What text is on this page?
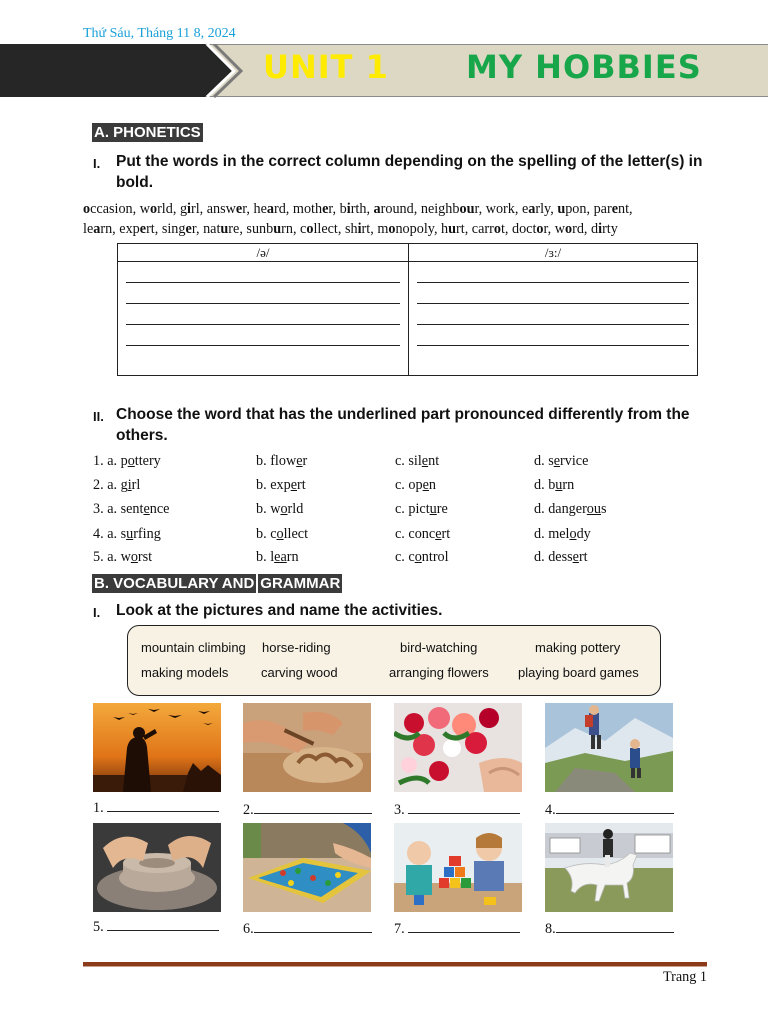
Thứ Sáu, Tháng 11 8, 2024
UNIT 1 MY HOBBIES
A. PHONETICS
I. Put the words in the correct column depending on the spelling of the letter(s) in bold.
occasion, world, girl, answer, heard, mother, birth, around, neighbour, work, early, upon, parent,
learn, expert, singer, nature, sunburn, collect, shirt, monopoly, hurt, carrot, doctor, word, dirty
/ə/	/ɜ:/

II. Choose the word that has the underlined part pronounced differently from the others.
1. a. pottery	b. flower	c. silent	d. service
2. a. girl	b. expert	c. open	d. burn
3. a. sentence	b. world	c. picture	d. dangerous
4. a. surfing	b. collect	c. concert	d. melody
5. a. worst	b. learn	c. control	d. dessert
B. VOCABULARY AND GRAMMAR
I. Look at the pictures and name the activities.
mountain climbing horse-riding	bird-watching	making pottery
making models	carving wood	arranging flowers playing board games
1.	2.	3.	4.
5.	6.	7.	8.
Trang 1
